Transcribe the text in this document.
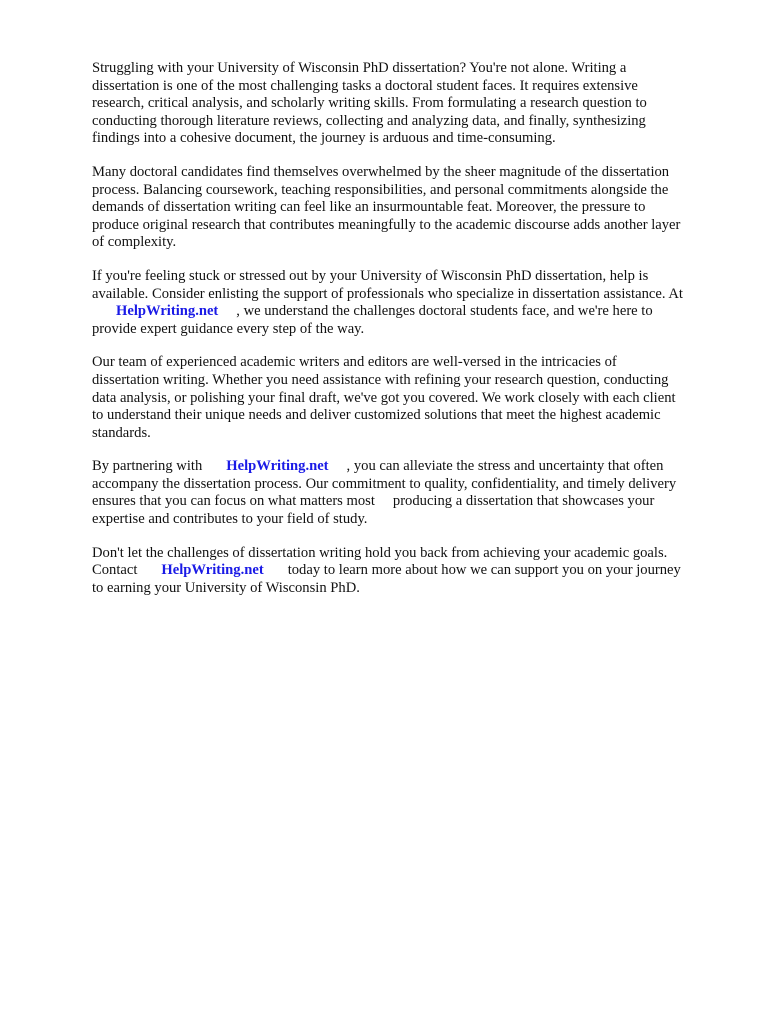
Struggling with your University of Wisconsin PhD dissertation? You're not alone. Writing a
dissertation is one of the most challenging tasks a doctoral student faces. It requires extensive
research, critical analysis, and scholarly writing skills. From formulating a research question to
conducting thorough literature reviews, collecting and analyzing data, and finally, synthesizing
findings into a cohesive document, the journey is arduous and time-consuming.

Many doctoral candidates find themselves overwhelmed by the sheer magnitude of the dissertation
process. Balancing coursework, teaching responsibilities, and personal commitments alongside the
demands of dissertation writing can feel like an insurmountable feat. Moreover, the pressure to
produce original research that contributes meaningfully to the academic discourse adds another layer
of complexity.

If you're feeling stuck or stressed out by your University of Wisconsin PhD dissertation, help is
available. Consider enlisting the support of professionals who specialize in dissertation assistance. At
HelpWriting.net , we understand the challenges doctoral students face, and we're here to
provide expert guidance every step of the way.

Our team of experienced academic writers and editors are well-versed in the intricacies of
dissertation writing. Whether you need assistance with refining your research question, conducting
data analysis, or polishing your final draft, we've got you covered. We work closely with each client
to understand their unique needs and deliver customized solutions that meet the highest academic
standards.

By partnering with HelpWriting.net , you can alleviate the stress and uncertainty that often
accompany the dissertation process. Our commitment to quality, confidentiality, and timely delivery
ensures that you can focus on what matters most producing a dissertation that showcases your
expertise and contributes to your field of study.

Don't let the challenges of dissertation writing hold you back from achieving your academic goals.
Contact HelpWriting.net today to learn more about how we can support you on your journey
to earning your University of Wisconsin PhD.
